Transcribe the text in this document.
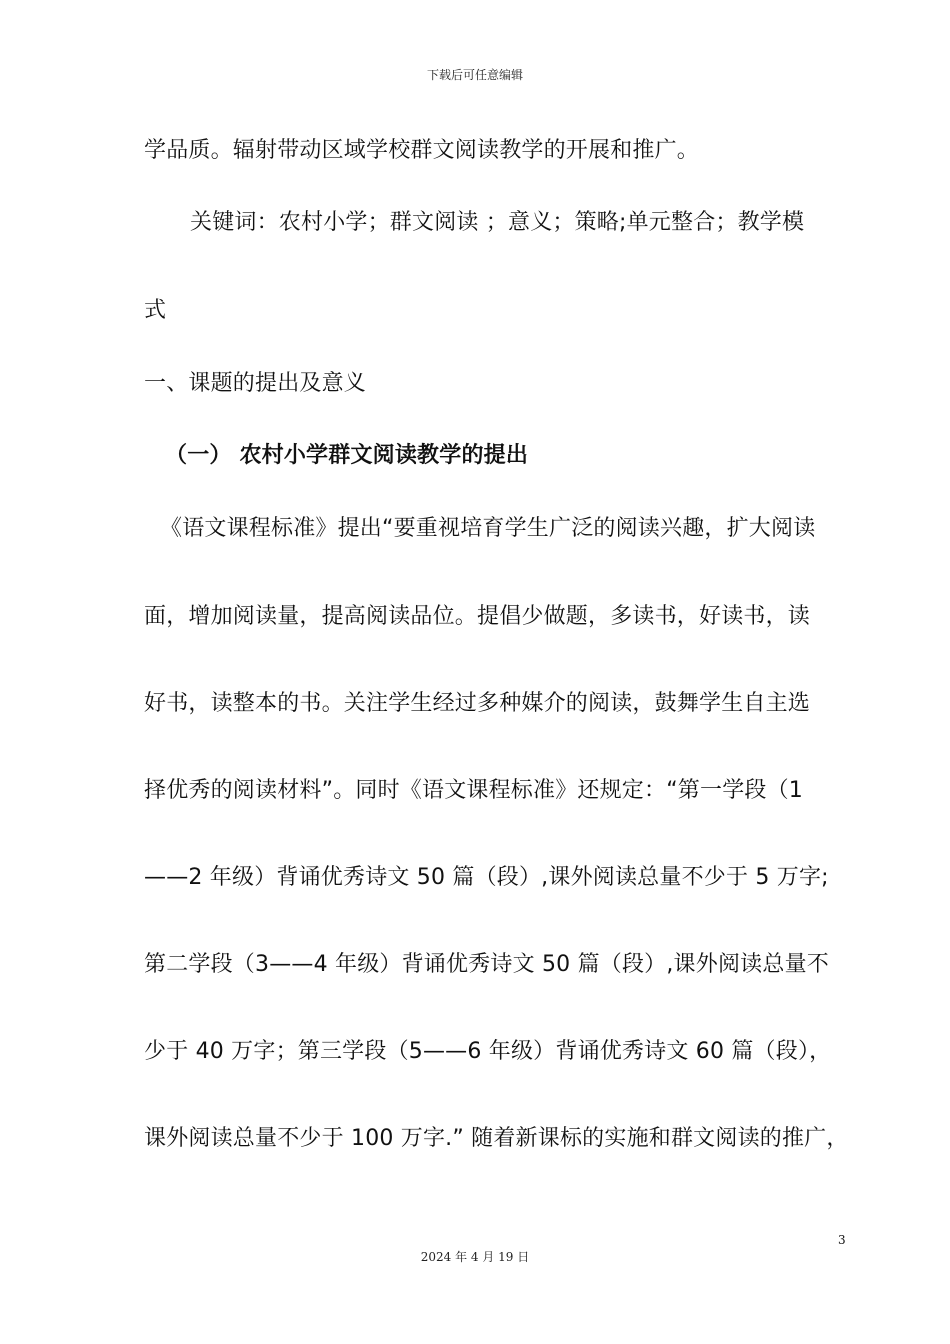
下载后可任意编辑
学品质。辐射带动区域学校群文阅读教学的开展和推广。
关键词：农村小学；群文阅读 ；意义；策略;单元整合；教学模
式
一、课题的提出及意义
（一） 农村小学群文阅读教学的提出
《语文课程标准》提出“要重视培育学生广泛的阅读兴趣，扩大阅读
面，增加阅读量，提高阅读品位。提倡少做题，多读书，好读书，读
好书，读整本的书。关注学生经过多种媒介的阅读，鼓舞学生自主选
择优秀的阅读材料”。同时《语文课程标准》还规定：“第一学段（1
——2 年级）背诵优秀诗文 50 篇（段）,课外阅读总量不少于 5 万字;
第二学段（3——4 年级）背诵优秀诗文 50 篇（段）,课外阅读总量不
少于 40 万字；第三学段（5——6 年级）背诵优秀诗文 60 篇（段），
课外阅读总量不少于 100 万字.” 随着新课标的实施和群文阅读的推广，
3
2024 年 4 月 19 日
